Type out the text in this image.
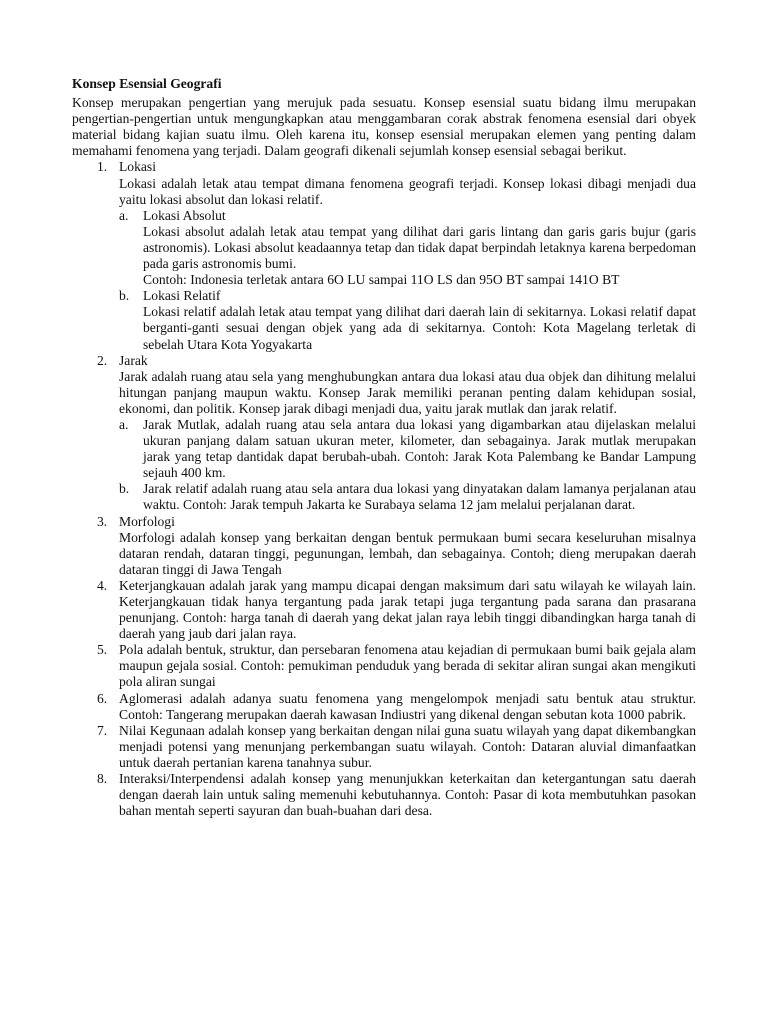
Konsep Esensial Geografi
Konsep merupakan pengertian yang merujuk pada sesuatu. Konsep esensial suatu bidang ilmu merupakan pengertian-pengertian untuk mengungkapkan atau menggambaran corak abstrak fenomena esensial dari obyek material bidang kajian suatu ilmu. Oleh karena itu, konsep esensial merupakan elemen yang penting dalam memahami fenomena yang terjadi. Dalam geografi dikenali sejumlah konsep esensial sebagai berikut.
1. Lokasi
Lokasi adalah letak atau tempat dimana fenomena geografi terjadi. Konsep lokasi dibagi menjadi dua yaitu lokasi absolut dan lokasi relatif.
a. Lokasi Absolut
Lokasi absolut adalah letak atau tempat yang dilihat dari garis lintang dan garis garis bujur (garis astronomis). Lokasi absolut keadaannya tetap dan tidak dapat berpindah letaknya karena berpedoman pada garis astronomis bumi.
Contoh: Indonesia terletak antara 6O LU sampai 11O LS dan 95O BT sampai 141O BT
b. Lokasi Relatif
Lokasi relatif adalah letak atau tempat yang dilihat dari daerah lain di sekitarnya. Lokasi relatif dapat berganti-ganti sesuai dengan objek yang ada di sekitarnya. Contoh: Kota Magelang terletak di sebelah Utara Kota Yogyakarta
2. Jarak
Jarak adalah ruang atau sela yang menghubungkan antara dua lokasi atau dua objek dan dihitung melalui hitungan panjang maupun waktu. Konsep Jarak memiliki peranan penting dalam kehidupan sosial, ekonomi, dan politik. Konsep jarak dibagi menjadi dua, yaitu jarak mutlak dan jarak relatif.
a. Jarak Mutlak, adalah ruang atau sela antara dua lokasi yang digambarkan atau dijelaskan melalui ukuran panjang dalam satuan ukuran meter, kilometer, dan sebagainya. Jarak mutlak merupakan jarak yang tetap dantidak dapat berubah-ubah. Contoh: Jarak Kota Palembang ke Bandar Lampung sejauh 400 km.
b. Jarak relatif adalah ruang atau sela antara dua lokasi yang dinyatakan dalam lamanya perjalanan atau waktu. Contoh: Jarak tempuh Jakarta ke Surabaya selama 12 jam melalui perjalanan darat.
3. Morfologi
Morfologi adalah konsep yang berkaitan dengan bentuk permukaan bumi secara keseluruhan misalnya dataran rendah, dataran tinggi, pegunungan, lembah, dan sebagainya. Contoh; dieng merupakan daerah dataran tinggi di Jawa Tengah
4. Keterjangkauan adalah jarak yang mampu dicapai dengan maksimum dari satu wilayah ke wilayah lain. Keterjangkauan tidak hanya tergantung pada jarak tetapi juga tergantung pada sarana dan prasarana penunjang. Contoh: harga tanah di daerah yang dekat jalan raya lebih tinggi dibandingkan harga tanah di daerah yang jaub dari jalan raya.
5. Pola adalah bentuk, struktur, dan persebaran fenomena atau kejadian di permukaan bumi baik gejala alam maupun gejala sosial. Contoh: pemukiman penduduk yang berada di sekitar aliran sungai akan mengikuti pola aliran sungai
6. Aglomerasi adalah adanya suatu fenomena yang mengelompok menjadi satu bentuk atau struktur. Contoh: Tangerang merupakan daerah kawasan Indiustri yang dikenal dengan sebutan kota 1000 pabrik.
7. Nilai Kegunaan adalah konsep yang berkaitan dengan nilai guna suatu wilayah yang dapat dikembangkan menjadi potensi yang menunjang perkembangan suatu wilayah. Contoh: Dataran aluvial dimanfaatkan untuk daerah pertanian karena tanahnya subur.
8. Interaksi/Interpendensi adalah konsep yang menunjukkan keterkaitan dan ketergantungan satu daerah dengan daerah lain untuk saling memenuhi kebutuhannya. Contoh: Pasar di kota membutuhkan pasokan bahan mentah seperti sayuran dan buah-buahan dari desa.
